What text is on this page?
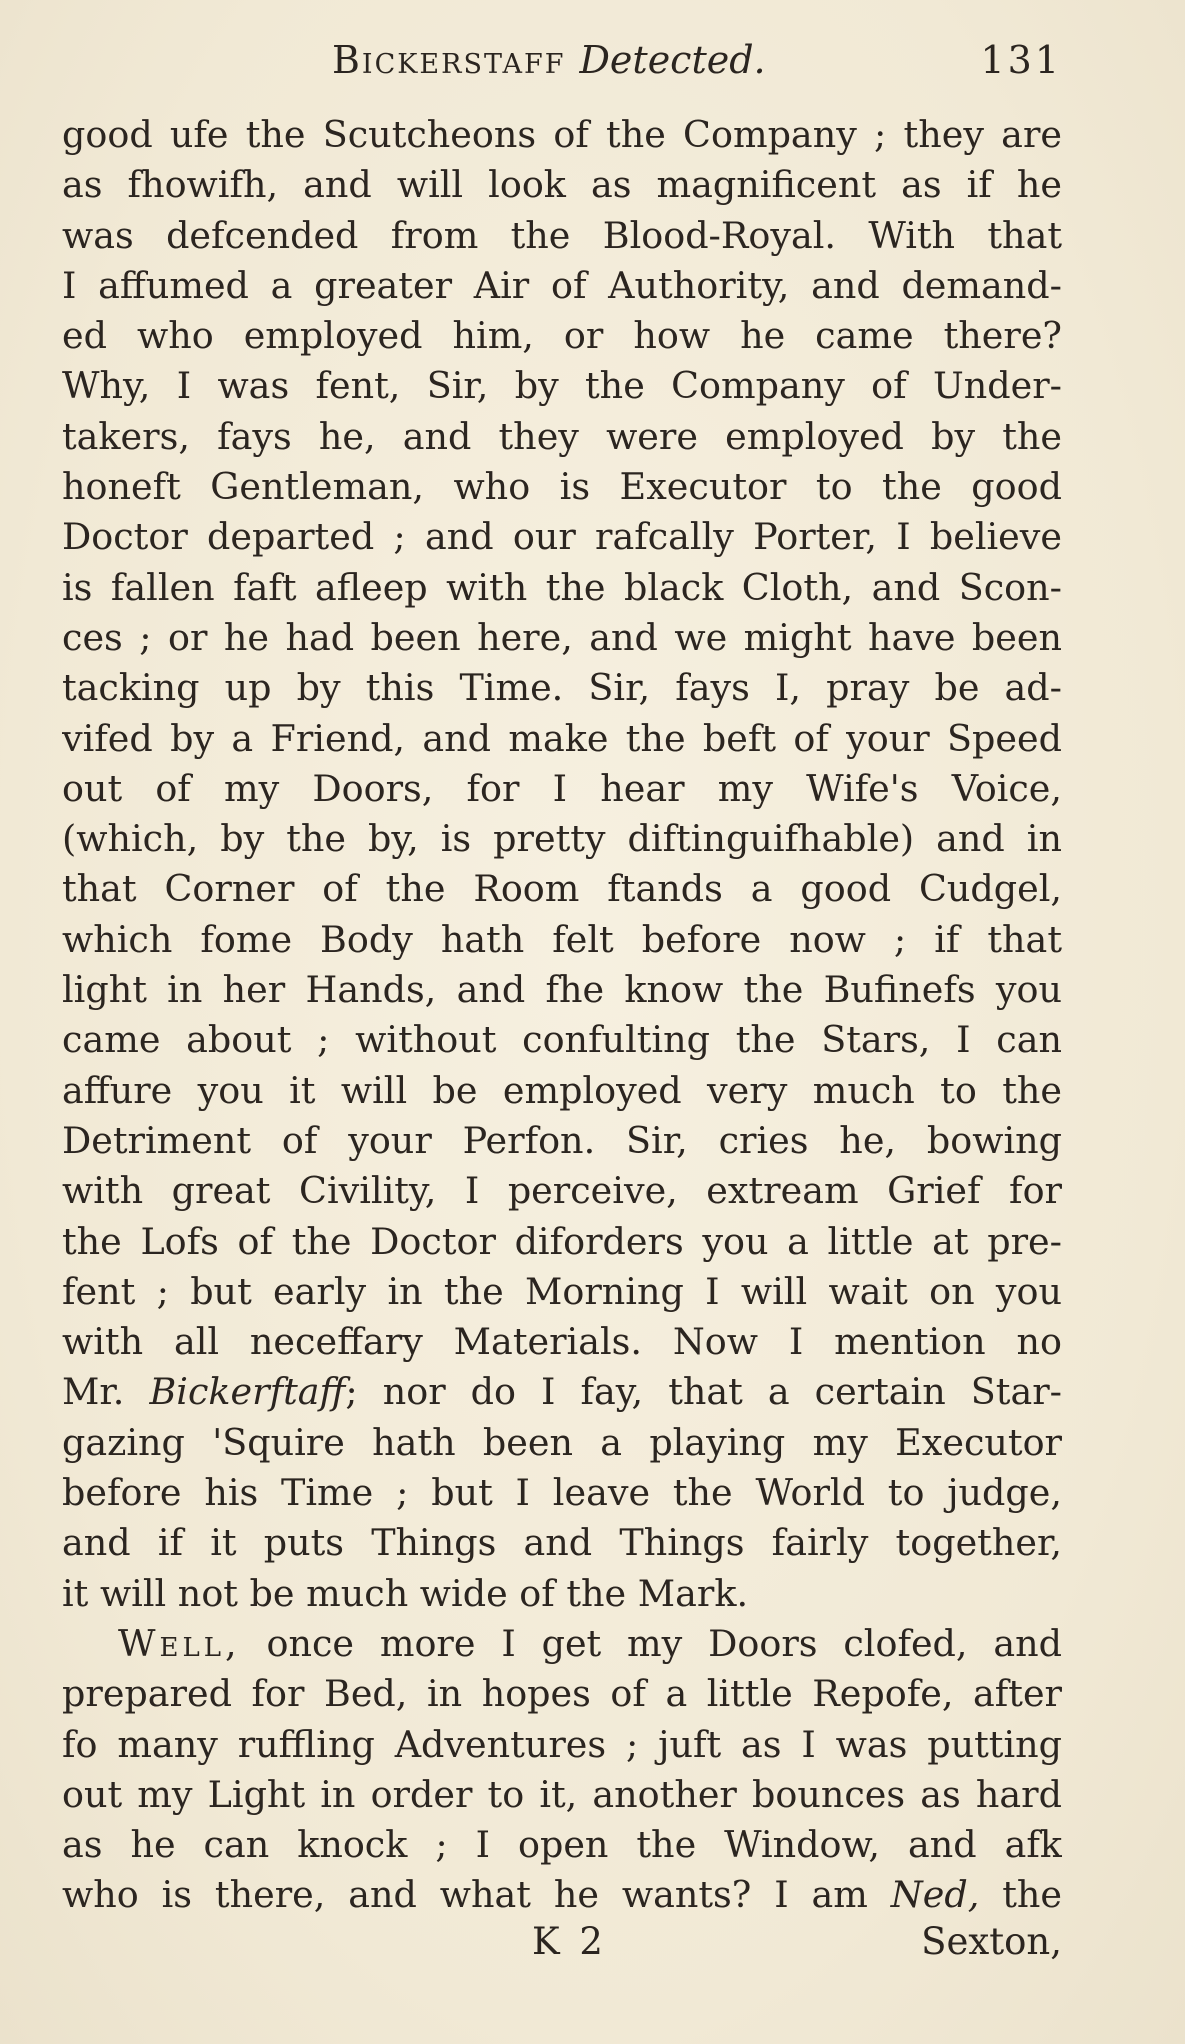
Bickerstaff Detected.	131
good ufe the Scutcheons of the Company ; they are
as fhowifh, and will look as magnificent as if he
was defcended from the Blood-Royal. With that
I affumed a greater Air of Authority, and demand-
ed who employed him, or how he came there?
Why, I was fent, Sir, by the Company of Under-
takers, fays he, and they were employed by the
honeft Gentleman, who is Executor to the good
Doctor departed ; and our rafcally Porter, I believe
is fallen faft afleep with the black Cloth, and Scon-
ces ; or he had been here, and we might have been
tacking up by this Time. Sir, fays I, pray be ad-
vifed by a Friend, and make the beft of your Speed
out of my Doors, for I hear my Wife's Voice,
(which, by the by, is pretty diftinguifhable) and in
that Corner of the Room ftands a good Cudgel,
which fome Body hath felt before now ; if that
light in her Hands, and fhe know the Bufinefs you
came about ; without confulting the Stars, I can
affure you it will be employed very much to the
Detriment of your Perfon. Sir, cries he, bowing
with great Civility, I perceive, extream Grief for
the Lofs of the Doctor diforders you a little at pre-
fent ; but early in the Morning I will wait on you
with all neceffary Materials. Now I mention no
Mr. Bickerftaff; nor do I fay, that a certain Star-
gazing 'Squire hath been a playing my Executor
before his Time ; but I leave the World to judge,
and if it puts Things and Things fairly together,
it will not be much wide of the Mark.
Well, once more I get my Doors clofed, and
prepared for Bed, in hopes of a little Repofe, after
fo many ruffling Adventures ; juft as I was putting
out my Light in order to it, another bounces as hard
as he can knock ; I open the Window, and afk
who is there, and what he wants? I am Ned, the
K 2	Sexton,
